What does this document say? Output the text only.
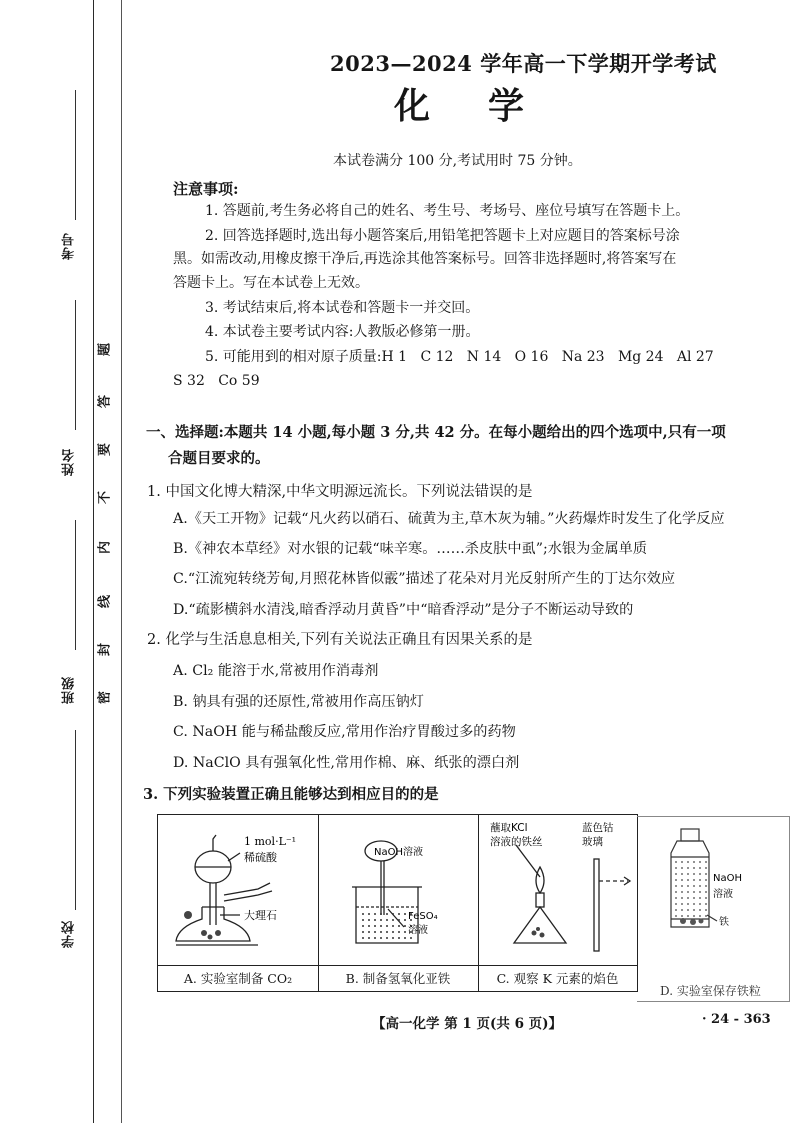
考号
姓名
班级
学校
密
封
线
内
不
要
答
题
2023—2024 学年高一下学期开学考试
化学
本试卷满分 100 分,考试用时 75 分钟。
注意事项:
1. 答题前,考生务必将自己的姓名、考生号、考场号、座位号填写在答题卡上。
2. 回答选择题时,选出每小题答案后,用铅笔把答题卡上对应题目的答案标号涂
黑。如需改动,用橡皮擦干净后,再选涂其他答案标号。回答非选择题时,将答案写在
答题卡上。写在本试卷上无效。
3. 考试结束后,将本试卷和答题卡一并交回。
4. 本试卷主要考试内容:人教版必修第一册。
5. 可能用到的相对原子质量:H 1   C 12   N 14   O 16   Na 23   Mg 24   Al 27
S 32   Co 59
一、选择题:本题共 14 小题,每小题 3 分,共 42 分。在每小题给出的四个选项中,只有一项
合题目要求的。
1. 中国文化博大精深,中华文明源远流长。下列说法错误的是
A.《天工开物》记载“凡火药以硝石、硫黄为主,草木灰为辅。”火药爆炸时发生了化学反应
B.《神农本草经》对水银的记载“味辛寒。……杀皮肤中虱”;水银为金属单质
C.“江流宛转绕芳甸,月照花林皆似霰”描述了花朵对月光反射所产生的丁达尔效应
D.“疏影横斜水清浅,暗香浮动月黄昏”中“暗香浮动”是分子不断运动导致的
2. 化学与生活息息相关,下列有关说法正确且有因果关系的是
A. Cl₂ 能溶于水,常被用作消毒剂
B. 钠具有强的还原性,常被用作高压钠灯
C. NaOH 能与稀盐酸反应,常用作治疗胃酸过多的药物
D. NaClO 具有强氧化性,常用作棉、麻、纸张的漂白剂
3. 下列实验装置正确且能够达到相应目的的是
1 mol·L⁻¹
稀硫酸
大理石
A. 实验室制备 CO₂
NaOH溶液
FeSO₄
溶液
B. 制备氢氧化亚铁
蘸取KCl
溶液的铁丝
蓝色钴
玻璃
C. 观察 K 元素的焰色
NaOH
溶液
铁
D. 实验室保存铁粒
【高一化学 第 1 页(共 6 页)】	· 24 - 363
